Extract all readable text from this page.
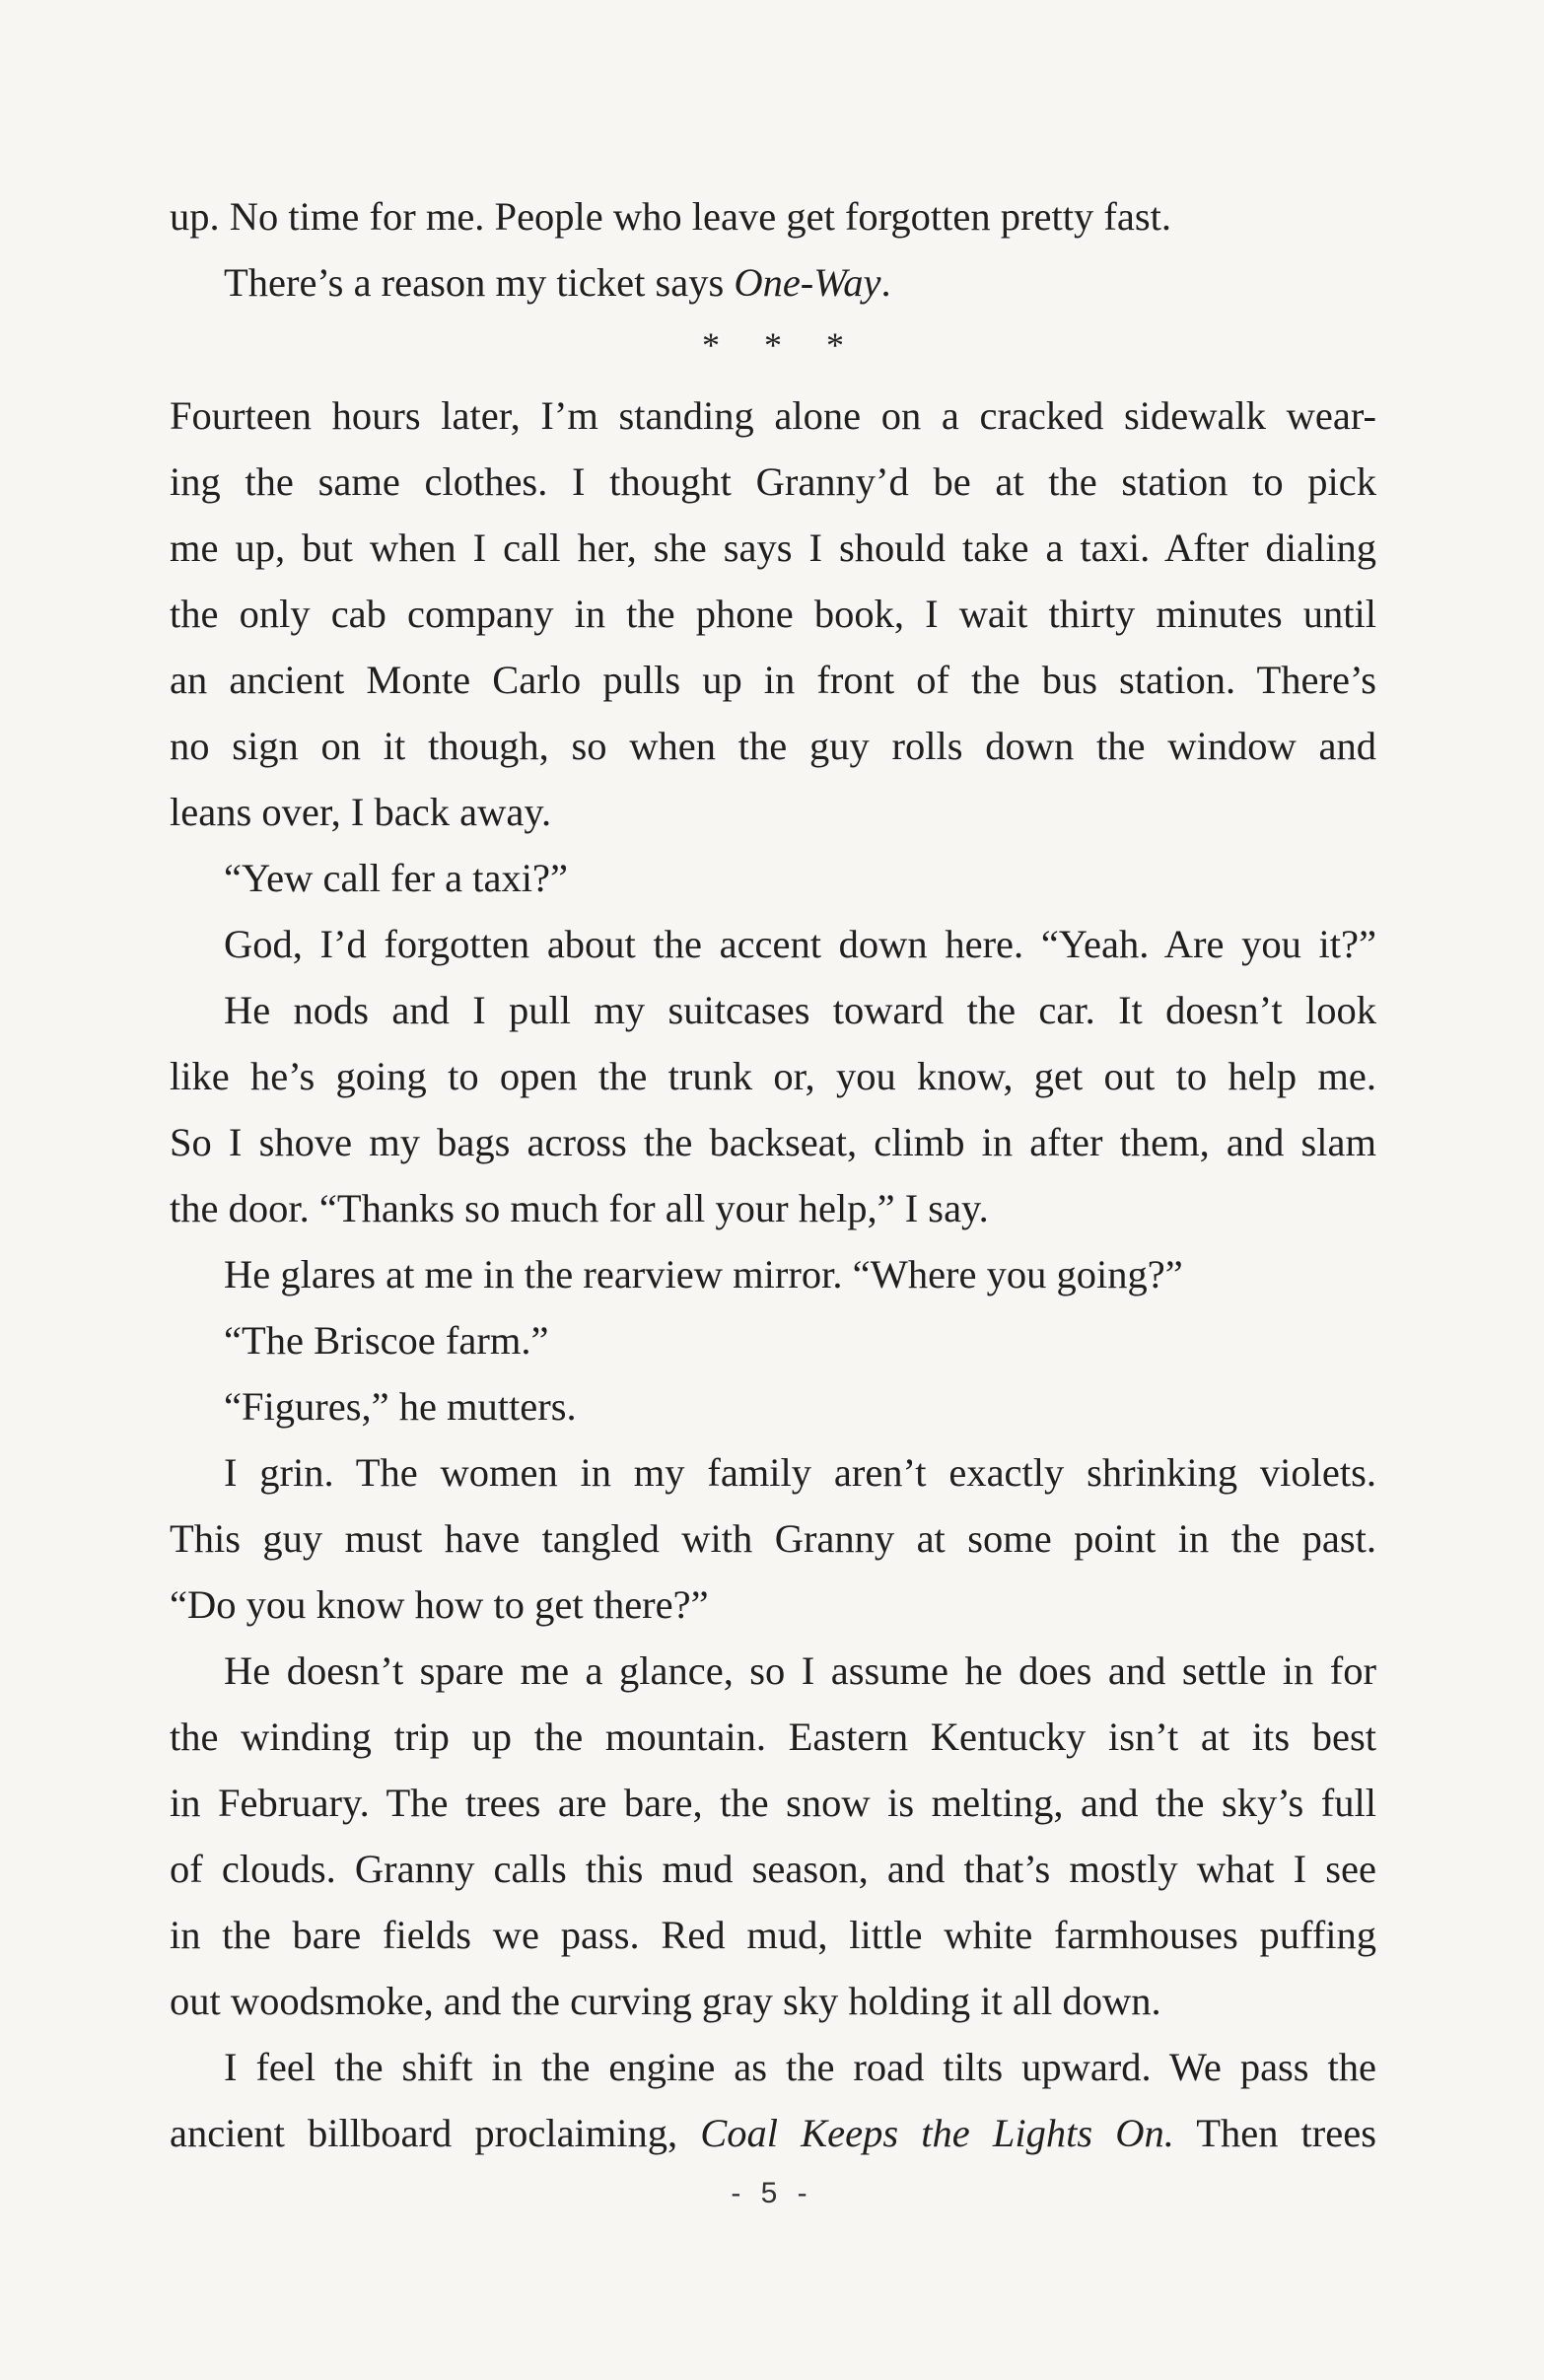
up. No time for me. People who leave get forgotten pretty fast.
There’s a reason my ticket says One-Way.
* * *
Fourteen hours later, I’m standing alone on a cracked sidewalk wear-
ing the same clothes. I thought Granny’d be at the station to pick
me up, but when I call her, she says I should take a taxi. After dialing
the only cab company in the phone book, I wait thirty minutes until
an ancient Monte Carlo pulls up in front of the bus station. There’s
no sign on it though, so when the guy rolls down the window and
leans over, I back away.
“Yew call fer a taxi?”
God, I’d forgotten about the accent down here. “Yeah. Are you it?”
He nods and I pull my suitcases toward the car. It doesn’t look
like he’s going to open the trunk or, you know, get out to help me.
So I shove my bags across the backseat, climb in after them, and slam
the door. “Thanks so much for all your help,” I say.
He glares at me in the rearview mirror. “Where you going?”
“The Briscoe farm.”
“Figures,” he mutters.
I grin. The women in my family aren’t exactly shrinking violets.
This guy must have tangled with Granny at some point in the past.
“Do you know how to get there?”
He doesn’t spare me a glance, so I assume he does and settle in for
the winding trip up the mountain. Eastern Kentucky isn’t at its best
in February. The trees are bare, the snow is melting, and the sky’s full
of clouds. Granny calls this mud season, and that’s mostly what I see
in the bare fields we pass. Red mud, little white farmhouses puffing
out woodsmoke, and the curving gray sky holding it all down.
I feel the shift in the engine as the road tilts upward. We pass the
ancient billboard proclaiming, Coal Keeps the Lights On. Then trees
- 5 -
